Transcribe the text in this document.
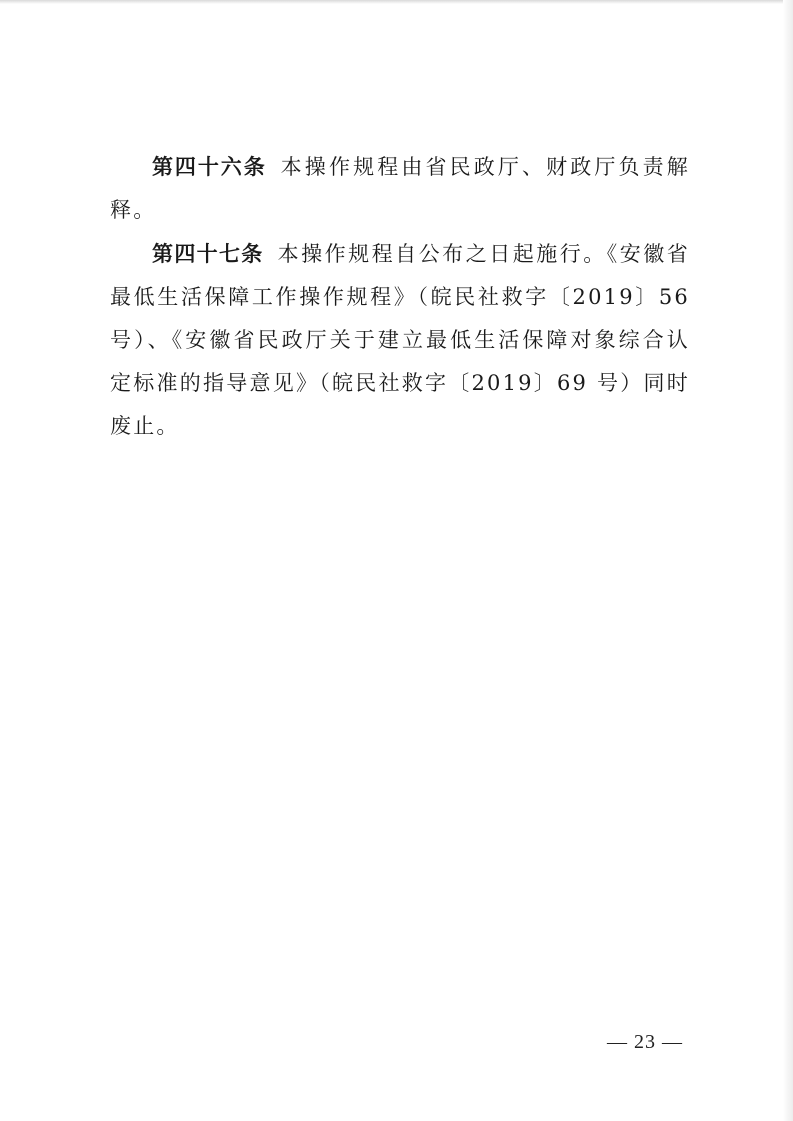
第四十六条 本操作规程由省民政厅、财政厅负责解释。

第四十七条 本操作规程自公布之日起施行。《安徽省最低生活保障工作操作规程》（皖民社救字〔2019〕56 号）、《安徽省民政厅关于建立最低生活保障对象综合认定标准的指导意见》（皖民社救字〔2019〕69 号）同时废止。

— 23 —
